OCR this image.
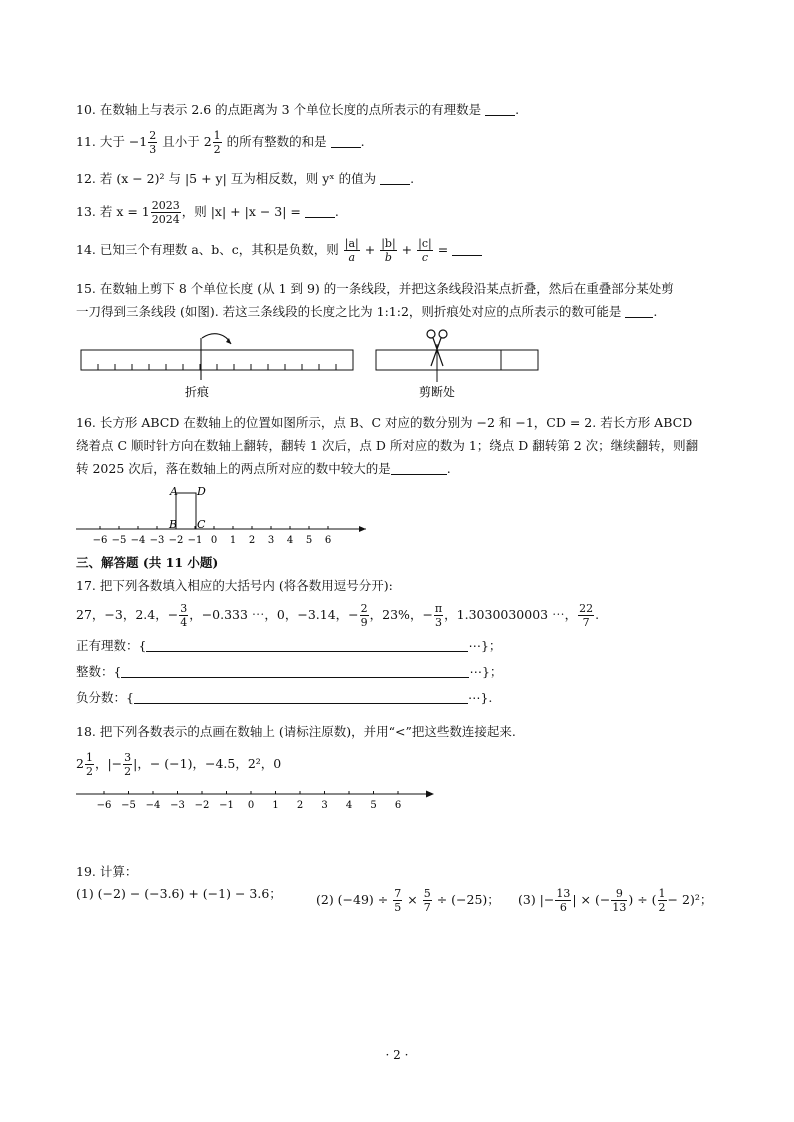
10. 在数轴上与表示 2.6 的点距离为 3 个单位长度的点所表示的有理数是	.
11. 大于 $-1 \frac{2}{3}$ 且小于 $2 \frac{1}{2}$ 的所有整数的和是	.
12. 若 (x − 2)² 与 |5 + y| 互为相反数，则 yˣ 的值为	.
13. 若 $x = 1 \frac{2023}{2024}$ ，则 |x| + |x − 3| =	.
14. 已知三个有理数 a、b、c，其积是负数，则 $\frac{|a|}{a} + \frac{|b|}{b} + \frac{|c|}{c}$ =
15. 在数轴上剪下 8 个单位长度 (从 1 到 9) 的一条线段，并把这条线段沿某点折叠，然后在重叠部分某处剪
一刀得到三条线段 (如图). 若这三条线段的长度之比为 1:1:2，则折痕处对应的点所表示的数可能是	.
折痕	剪断处
16. 长方形 ABCD 在数轴上的位置如图所示，点 B、C 对应的数分别为 −2 和 −1，CD = 2. 若长方形 ABCD
绕着点 C 顺时针方向在数轴上翻转，翻转 1 次后，点 D 所对应的数为 1；绕点 D 翻转第 2 次；继续翻转，则翻
转 2025 次后，落在数轴上的两点所对应的数中较大的是	.
A D
B C
−6 −5 −4 −3 −2 −1 0 1 2 3 4 5 6
三、解答题 (共 11 小题)
17. 把下列各数填入相应的大括号内 (将各数用逗号分开):
27，−3，2.4，− $\frac{3}{4}$ ，−0.333 ⋯，0，−3.14，− $\frac{2}{9}$ ，23%，− $\frac{\pi}{3}$ ，1.3030030003 ⋯， $\frac{22}{7}$ .
正有理数：{	⋯}；
整数：{	⋯}；
负分数：{	⋯}.
18. 把下列各数表示的点画在数轴上 (请标注原数)，并用“<”把这些数连接起来.
$2 \frac{1}{2}$ ，|− $\frac{3}{2}$ |，− (−1)，−4.5，2²，0
−6 −5 −4 −3 −2 −1 0 1 2 3 4 5 6
19. 计算：
(1) (−2) − (−3.6) + (−1) − 3.6；	(2) $(-49) \div \frac{7}{5} \times \frac{5}{7} \div (-25)$； (3) |− $\frac{13}{6}$ | × (− $\frac{9}{13}$ ) ÷ ( $\frac{1}{2} - 2)^2$；
· 2 ·
